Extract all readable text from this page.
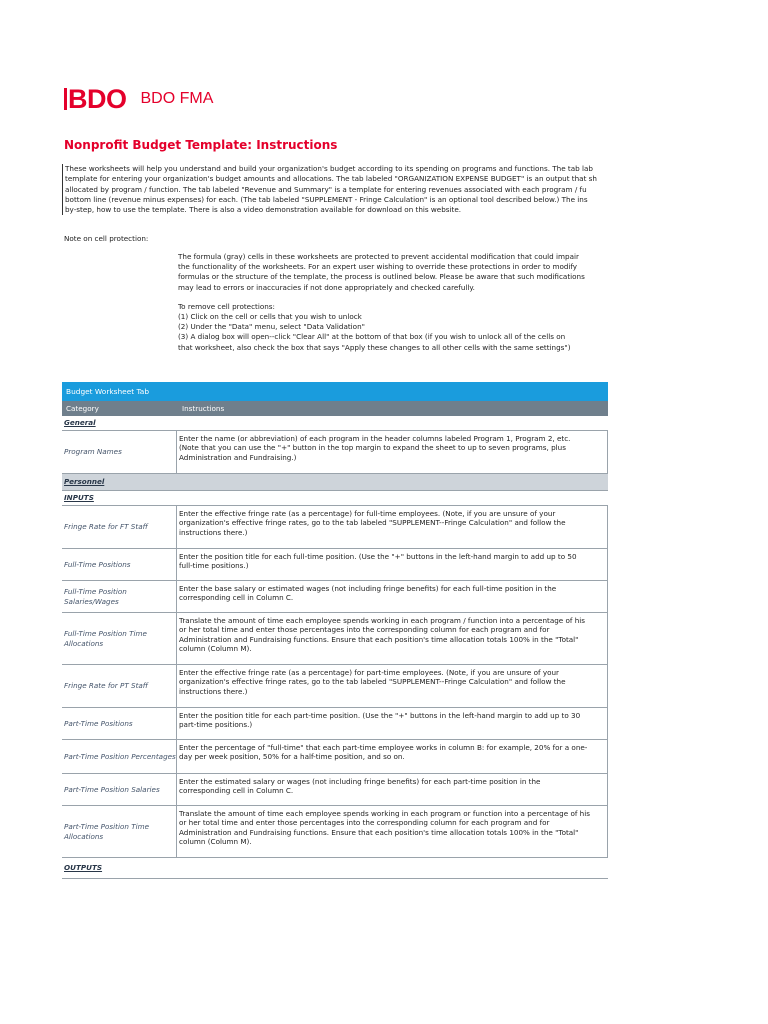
BDO BDO FMA
Nonprofit Budget Template: Instructions
These worksheets will help you understand and build your organization's budget according to its spending on programs and functions. The tab lab
template for entering your organization's budget amounts and allocations. The tab labeled "ORGANIZATION EXPENSE BUDGET" is an output that sh
allocated by program / function. The tab labeled "Revenue and Summary" is a template for entering revenues associated with each program / fu
bottom line (revenue minus expenses) for each. (The tab labeled "SUPPLEMENT - Fringe Calculation" is an optional tool described below.) The ins
by-step, how to use the template. There is also a video demonstration available for download on this website.
Note on cell protection:

The formula (gray) cells in these worksheets are protected to prevent accidental modification that could impair
the functionality of the worksheets. For an expert user wishing to override these protections in order to modify
formulas or the structure of the template, the process is outlined below. Please be aware that such modifications
may lead to errors or inaccuracies if not done appropriately and checked carefully.

To remove cell protections:
(1) Click on the cell or cells that you wish to unlock
(2) Under the "Data" menu, select "Data Validation"
(3) A dialog box will open--click "Clear All" at the bottom of that box (if you wish to unlock all of the cells on
that worksheet, also check the box that says "Apply these changes to all other cells with the same settings")

Budget Worksheet Tab
Category	Instructions
General
Program Names
Enter the name (or abbreviation) of each program in the header columns labeled Program 1, Program 2, etc.
(Note that you can use the "+" button in the top margin to expand the sheet to up to seven programs, plus
Administration and Fundraising.)
Personnel
INPUTS
Fringe Rate for FT Staff
Enter the effective fringe rate (as a percentage) for full-time employees. (Note, if you are unsure of your
organization's effective fringe rates, go to the tab labeled "SUPPLEMENT--Fringe Calculation" and follow the
instructions there.)
Full-Time Positions
Enter the position title for each full-time position. (Use the "+" buttons in the left-hand margin to add up to 50
full-time positions.)
Full-Time Position Salaries/Wages
Enter the base salary or estimated wages (not including fringe benefits) for each full-time position in the
corresponding cell in Column C.
Full-Time Position Time Allocations
Translate the amount of time each employee spends working in each program / function into a percentage of his
or her total time and enter those percentages into the corresponding column for each program and for
Administration and Fundraising functions. Ensure that each position's time allocation totals 100% in the "Total"
column (Column M).
Fringe Rate for PT Staff
Enter the effective fringe rate (as a percentage) for part-time employees. (Note, if you are unsure of your
organization's effective fringe rates, go to the tab labeled "SUPPLEMENT--Fringe Calculation" and follow the
instructions there.)
Part-Time Positions
Enter the position title for each part-time position. (Use the "+" buttons in the left-hand margin to add up to 30
part-time positions.)
Part-Time Position Percentages
Enter the percentage of "full-time" that each part-time employee works in column B: for example, 20% for a one-
day per week position, 50% for a half-time position, and so on.
Part-Time Position Salaries
Enter the estimated salary or wages (not including fringe benefits) for each part-time position in the
corresponding cell in Column C.
Part-Time Position Time Allocations
Translate the amount of time each employee spends working in each program or function into a percentage of his
or her total time and enter those percentages into the corresponding column for each program and for
Administration and Fundraising functions. Ensure that each position's time allocation totals 100% in the "Total"
column (Column M).
OUTPUTS
